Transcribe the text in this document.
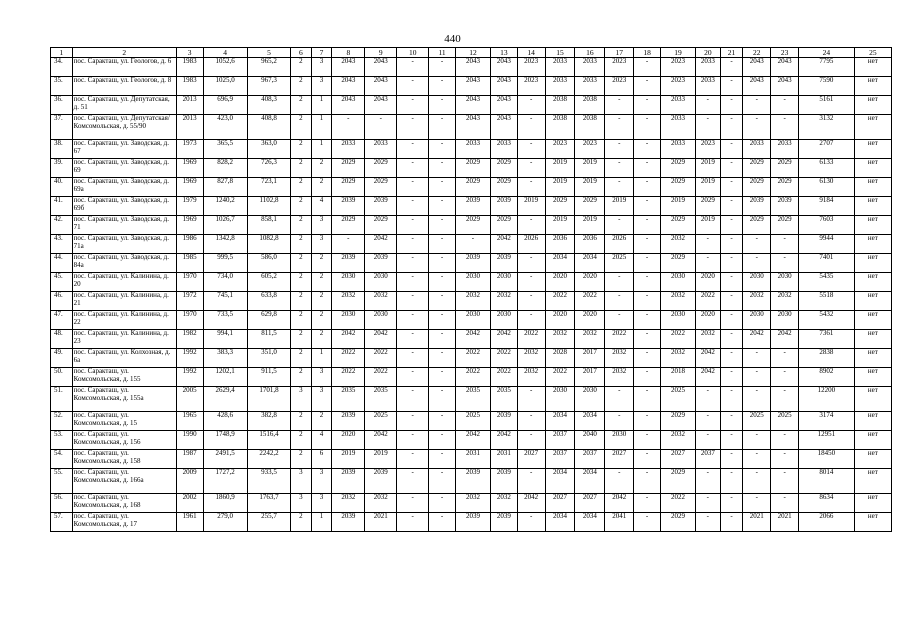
440
1	2	3	4	5	6	7	8	9	10	11	12	13	14	15	16	17	18	19	20	21	22	23	24	25
34.	пос. Саракташ, ул. Геологов, д. 6	1983	1052,6	965,2	2	3	2043	2043	-	-	2043	2043	2023	2033	2033	2023	-	2023	2033	-	2043	2043	7795	нет
35.	пос. Саракташ, ул. Геологов, д. 8	1983	1025,0	967,3	2	3	2043	2043	-	-	2043	2043	2023	2033	2033	2023	-	2023	2033	-	2043	2043	7590	нет
36.	пос. Саракташ, ул. Депутатская, д. 51	2013	696,9	408,3	2	1	2043	2043	-	-	2043	2043	-	2038	2038	-	-	2033	-	-	-	-	5161	нет
37.	пос. Саракташ, ул. Депутатская/ Комсомольская, д. 55/90	2013	423,0	408,8	2	1	-	-	-	-	2043	2043	-	2038	2038	-	-	2033	-	-	-	-	3132	нет
38.	пос. Саракташ, ул. Заводская, д. 67	1973	365,5	363,0	2	1	2033	2033	-	-	2033	2033	-	2023	2023	-	-	2033	2023	-	2033	2033	2707	нет
39.	пос. Саракташ, ул. Заводская, д. 69	1969	828,2	726,3	2	2	2029	2029	-	-	2029	2029	-	2019	2019	-	-	2029	2019	-	2029	2029	6133	нет
40.	пос. Саракташ, ул. Заводская, д. 69а	1969	827,8	723,1	2	2	2029	2029	-	-	2029	2029	-	2019	2019	-	-	2029	2019	-	2029	2029	6130	нет
41.	пос. Саракташ, ул. Заводская, д. 69б	1979	1240,2	1102,8	2	4	2039	2039	-	-	2039	2039	2019	2029	2029	2019	-	2019	2029	-	2039	2039	9184	нет
42.	пос. Саракташ, ул. Заводская, д. 71	1969	1026,7	858,1	2	3	2029	2029	-	-	2029	2029	-	2019	2019	-	-	2029	2019	-	2029	2029	7603	нет
43.	пос. Саракташ, ул. Заводская, д. 71а	1986	1342,8	1082,8	2	3	-	2042	-	-	-	2042	2026	2036	2036	2026	-	2032	-	-	-	-	9944	нет
44.	пос. Саракташ, ул. Заводская, д. 84а	1985	999,5	586,0	2	2	2039	2039	-	-	2039	2039	-	2034	2034	2025	-	2029	-	-	-	-	7401	нет
45.	пос. Саракташ, ул. Калинина, д. 20	1970	734,0	605,2	2	2	2030	2030	-	-	2030	2030	-	2020	2020	-	-	2030	2020	-	2030	2030	5435	нет
46.	пос. Саракташ, ул. Калинина, д. 21	1972	745,1	633,8	2	2	2032	2032	-	-	2032	2032	-	2022	2022	-	-	2032	2022	-	2032	2032	5518	нет
47.	пос. Саракташ, ул. Калинина, д. 22	1970	733,5	629,8	2	2	2030	2030	-	-	2030	2030	-	2020	2020	-	-	2030	2020	-	2030	2030	5432	нет
48.	пос. Саракташ, ул. Калинина, д. 23	1982	994,1	811,5	2	2	2042	2042	-	-	2042	2042	2022	2032	2032	2022	-	2022	2032	-	2042	2042	7361	нет
49.	пос. Саракташ, ул. Колхозная, д. 6а	1992	383,3	351,0	2	1	2022	2022	-	-	2022	2022	2032	2028	2017	2032	-	2032	2042	-	-	-	2838	нет
50.	пос. Саракташ, ул. Комсомольская, д. 155	1992	1202,1	911,5	2	3	2022	2022	-	-	2022	2022	2032	2022	2017	2032	-	2018	2042	-	-	-	8902	нет
51.	пос. Саракташ, ул. Комсомольская, д. 155а	2005	2629,4	1701,8	3	3	2035	2035	-	-	2035	2035	-	2030	2030	-	-	2025	-	-	-	-	12200	нет
52.	пос. Саракташ, ул. Комсомольская, д. 15	1965	428,6	382,8	2	2	2039	2025	-	-	2025	2039	-	2034	2034	-	-	2029	-	-	2025	2025	3174	нет
53.	пос. Саракташ, ул. Комсомольская, д. 156	1990	1748,9	1516,4	2	4	2020	2042	-	-	2042	2042	-	2037	2040	2030	-	2032	-	-	-	-	12951	нет
54.	пос. Саракташ, ул. Комсомольская, д. 158	1987	2491,5	2242,2	2	6	2019	2019	-	-	2031	2031	2027	2037	2037	2027	-	2027	2037	-	-	-	18450	нет
55.	пос. Саракташ, ул. Комсомольская, д. 166а	2009	1727,2	933,5	3	3	2039	2039	-	-	2039	2039	-	2034	2034	-	-	2029	-	-	-	-	8014	нет
56.	пос. Саракташ, ул. Комсомольская, д. 168	2002	1860,9	1763,7	3	3	2032	2032	-	-	2032	2032	2042	2027	2027	2042	-	2022	-	-	-	-	8634	нет
57.	пос. Саракташ, ул. Комсомольская, д. 17	1961	279,0	255,7	2	1	2039	2021	-	-	2039	2039	-	2034	2034	2041	-	2029	-	-	2021	2021	2066	нет
